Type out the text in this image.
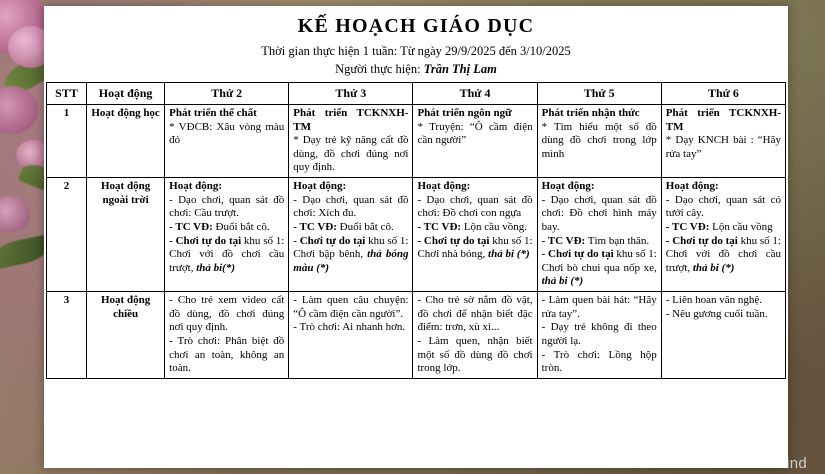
KẾ HOẠCH GIÁO DỤC
Thời gian thực hiện 1 tuần: Từ ngày 29/9/2025 đến 3/10/2025
Người thực hiện: Trần Thị Lam
STT	Hoạt động	Thứ 2	Thứ 3	Thứ 4	Thứ 5	Thứ 6
1	Hoạt động học	Phát triển thể chất
* VĐCB: Xâu vòng màu đỏ	Phát triển TCKNXH-TM
* Dạy trẻ kỹ năng cất đồ dùng, đồ chơi đúng nơi quy định.	Phát triển ngôn ngữ
* Truyện: “Ô cầm điện cần người”	Phát triển nhận thức
* Tìm hiểu một số đồ dùng đồ chơi trong lớp mình	Phát triển TCKNXH-TM
* Dạy KNCH bài : “Hãy rửa tay”

2	Hoạt động ngoài trời	Hoạt động:
- Dạo chơi, quan sát đồ chơi: Cầu trượt.
- TC VĐ: Đuổi bắt cô.
- Chơi tự do tại khu số 1: Chơi với đồ chơi cầu trượt, thả bi(*)	Hoạt động:
- Dạo chơi, quan sát đồ chơi: Xích đu.
- TC VĐ: Đuổi bắt cô.
- Chơi tự do tại khu số 1: Chơi bập bênh, thả bóng màu (*)	Hoạt động:
- Dạo chơi, quan sát đồ chơi: Đồ chơi con ngựa
- TC VĐ: Lộn cầu vồng.
- Chơi tự do tại khu số 1: Chơi nhà bóng, thả bi (*)	Hoạt động:
- Dạo chơi, quan sát đồ chơi: Đồ chơi hình máy bay.
- TC VĐ: Tìm bạn thân.
- Chơi tự do tại khu số 1: Chơi bò chui qua nốp xe, thả bi (*)	Hoạt động:
- Dạo chơi, quan sát cỏ tưới cây.
- TC VĐ: Lộn cầu vồng
- Chơi tự do tại khu số 1: Chơi với đồ chơi cầu trượt, thả bi (*)

3	Hoạt động chiều	- Cho trẻ xem video cất đồ dùng, đồ chơi đúng nơi quy định.
- Trò chơi: Phân biệt đồ chơi an toàn, không an toàn.	- Làm quen câu chuyện: “Ô cầm điện cần người”.
- Trò chơi: Ai nhanh hơn.	- Cho trẻ sờ nắm đồ vật, đồ chơi để nhận biết đặc điểm: trơn, xù xì...
- Làm quen, nhận biết một số đồ dùng đồ chơi trong lớp.	- Làm quen bài hát: “Hãy rửa tay”.
- Dạy trẻ không đi theo người lạ.
- Trò chơi: Lồng hộp tròn.	- Liên hoan văn nghệ.
- Nêu gương cuối tuần.
Activate Wind
